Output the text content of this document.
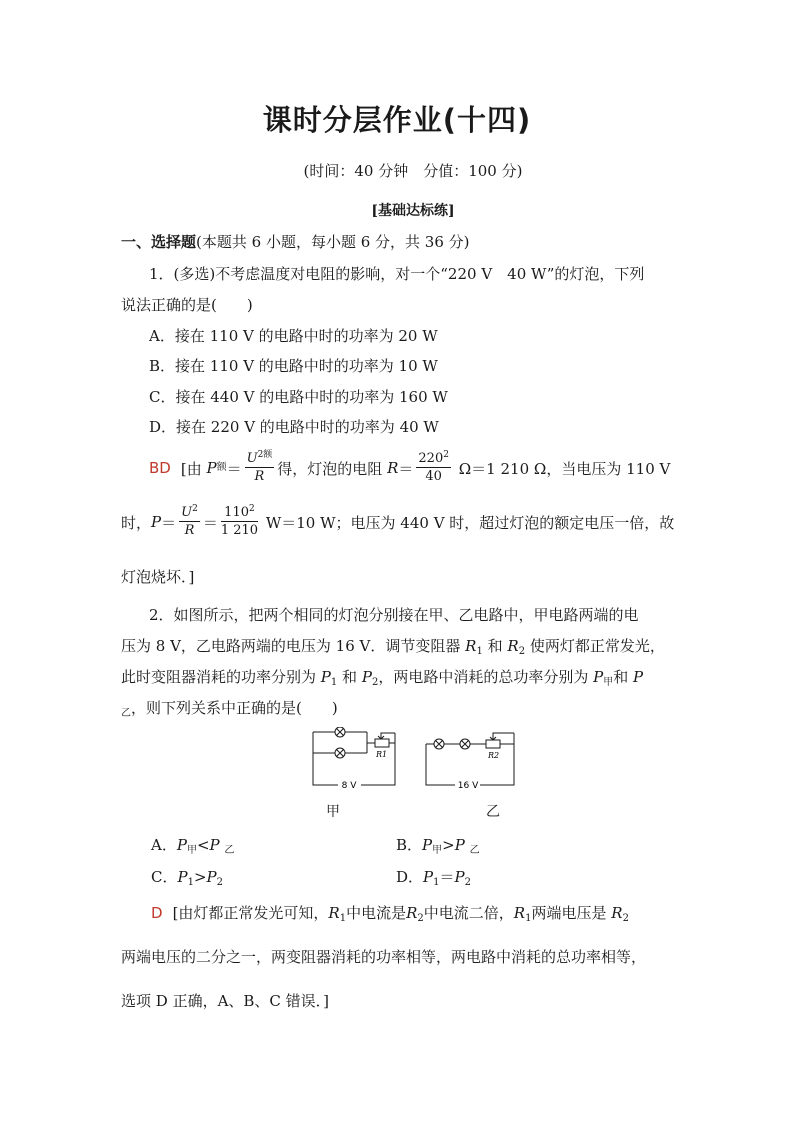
课时分层作业(十四)
(时间：40 分钟　分值：100 分)
[基础达标练]
一、选择题(本题共 6 小题，每小题 6 分，共 36 分)
1．(多选)不考虑温度对电阻的影响，对一个“220 V　40 W”的灯泡，下列
说法正确的是(　　)
A．接在 110 V 的电路中时的功率为 20 W
B．接在 110 V 的电路中时的功率为 10 W
C．接在 440 V 的电路中时的功率为 160 W
D．接在 220 V 的电路中时的功率为 40 W
BD [由
P 额 ＝ $\frac{U^{2额}}{R}$ 得，灯泡的电阻
$R = \frac{220^2}{40}$
Ω＝1 210 Ω，当电压为 110 V
时， $P = \frac{U^2}{R} = \frac{110^2}{1 210}$
W＝10 W；电压为 440 V 时，超过灯泡的额定电压一倍，故
灯泡烧坏．]
2．如图所示，把两个相同的灯泡分别接在甲、乙电路中，甲电路两端的电
压为 8 V，乙电路两端的电压为 16 V．调节变阻器 $R_1$ 和 $R_2$ 使两灯都正常发光，
此时变阻器消耗的功率分别为 $P_1$ 和 $P_2$，两电路中消耗的总功率分别为 $P_甲$和 P
$_乙$，则下列关系中正确的是(　　)
R1
8 V
甲
R2
16 V
乙
A．$P_甲<P$ $_乙$	B．$P_甲>P$ $_乙$
C．$P_1>P_2$	D．$P_1=P_2$
D [由灯都正常发光可知，$R_1$中电流是$R_2$中电流二倍，$R_1$两端电压是 $R_2$
两端电压的二分之一，两变阻器消耗的功率相等，两电路中消耗的总功率相等，
选项 D 正确，A、B、C 错误．]
